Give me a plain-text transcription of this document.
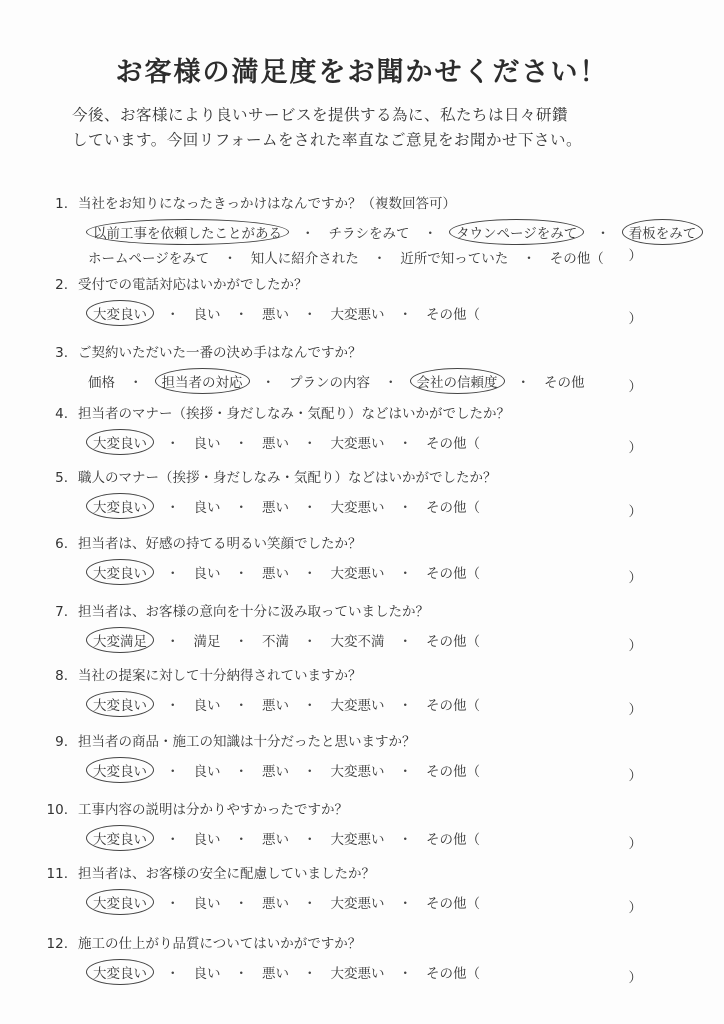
お客様の満足度をお聞かせください！
今後、お客様により良いサービスを提供する為に、私たちは日々研鑽
しています。今回リフォームをされた率直なご意見をお聞かせ下さい。
1. 当社をお知りになったきっかけはなんですか？（複数回答可）
以前工事を依頼したことがある ・ チラシをみて ・ タウンページをみて ・ 看板をみて
ホームページをみて ・ 知人に紹介された ・ 近所で知っていた ・ その他（ ）
2. 受付での電話対応はいかがでしたか？
大変良い ・ 良い ・ 悪い ・ 大変悪い ・ その他（	）
3. ご契約いただいた一番の決め手はなんですか？
価格 ・ 担当者の対応 ・ プランの内容 ・ 会社の信頼度 ・ その他	）
4. 担当者のマナー（挨拶・身だしなみ・気配り）などはいかがでしたか？
大変良い ・ 良い ・ 悪い ・ 大変悪い ・ その他（	）
5. 職人のマナー（挨拶・身だしなみ・気配り）などはいかがでしたか？
大変良い ・ 良い ・ 悪い ・ 大変悪い ・ その他（	）
6. 担当者は、好感の持てる明るい笑顔でしたか？
大変良い ・ 良い ・ 悪い ・ 大変悪い ・ その他（	）
7. 担当者は、お客様の意向を十分に汲み取っていましたか？
大変満足 ・ 満足 ・ 不満 ・ 大変不満 ・ その他（	）
8. 当社の提案に対して十分納得されていますか？
大変良い ・ 良い ・ 悪い ・ 大変悪い ・ その他（	）
9. 担当者の商品・施工の知識は十分だったと思いますか？
大変良い ・ 良い ・ 悪い ・ 大変悪い ・ その他（	）
10. 工事内容の説明は分かりやすかったですか？
大変良い ・ 良い ・ 悪い ・ 大変悪い ・ その他（	）
11. 担当者は、お客様の安全に配慮していましたか？
大変良い ・ 良い ・ 悪い ・ 大変悪い ・ その他（	）
12. 施工の仕上がり品質についてはいかがですか？
大変良い ・ 良い ・ 悪い ・ 大変悪い ・ その他（	）
